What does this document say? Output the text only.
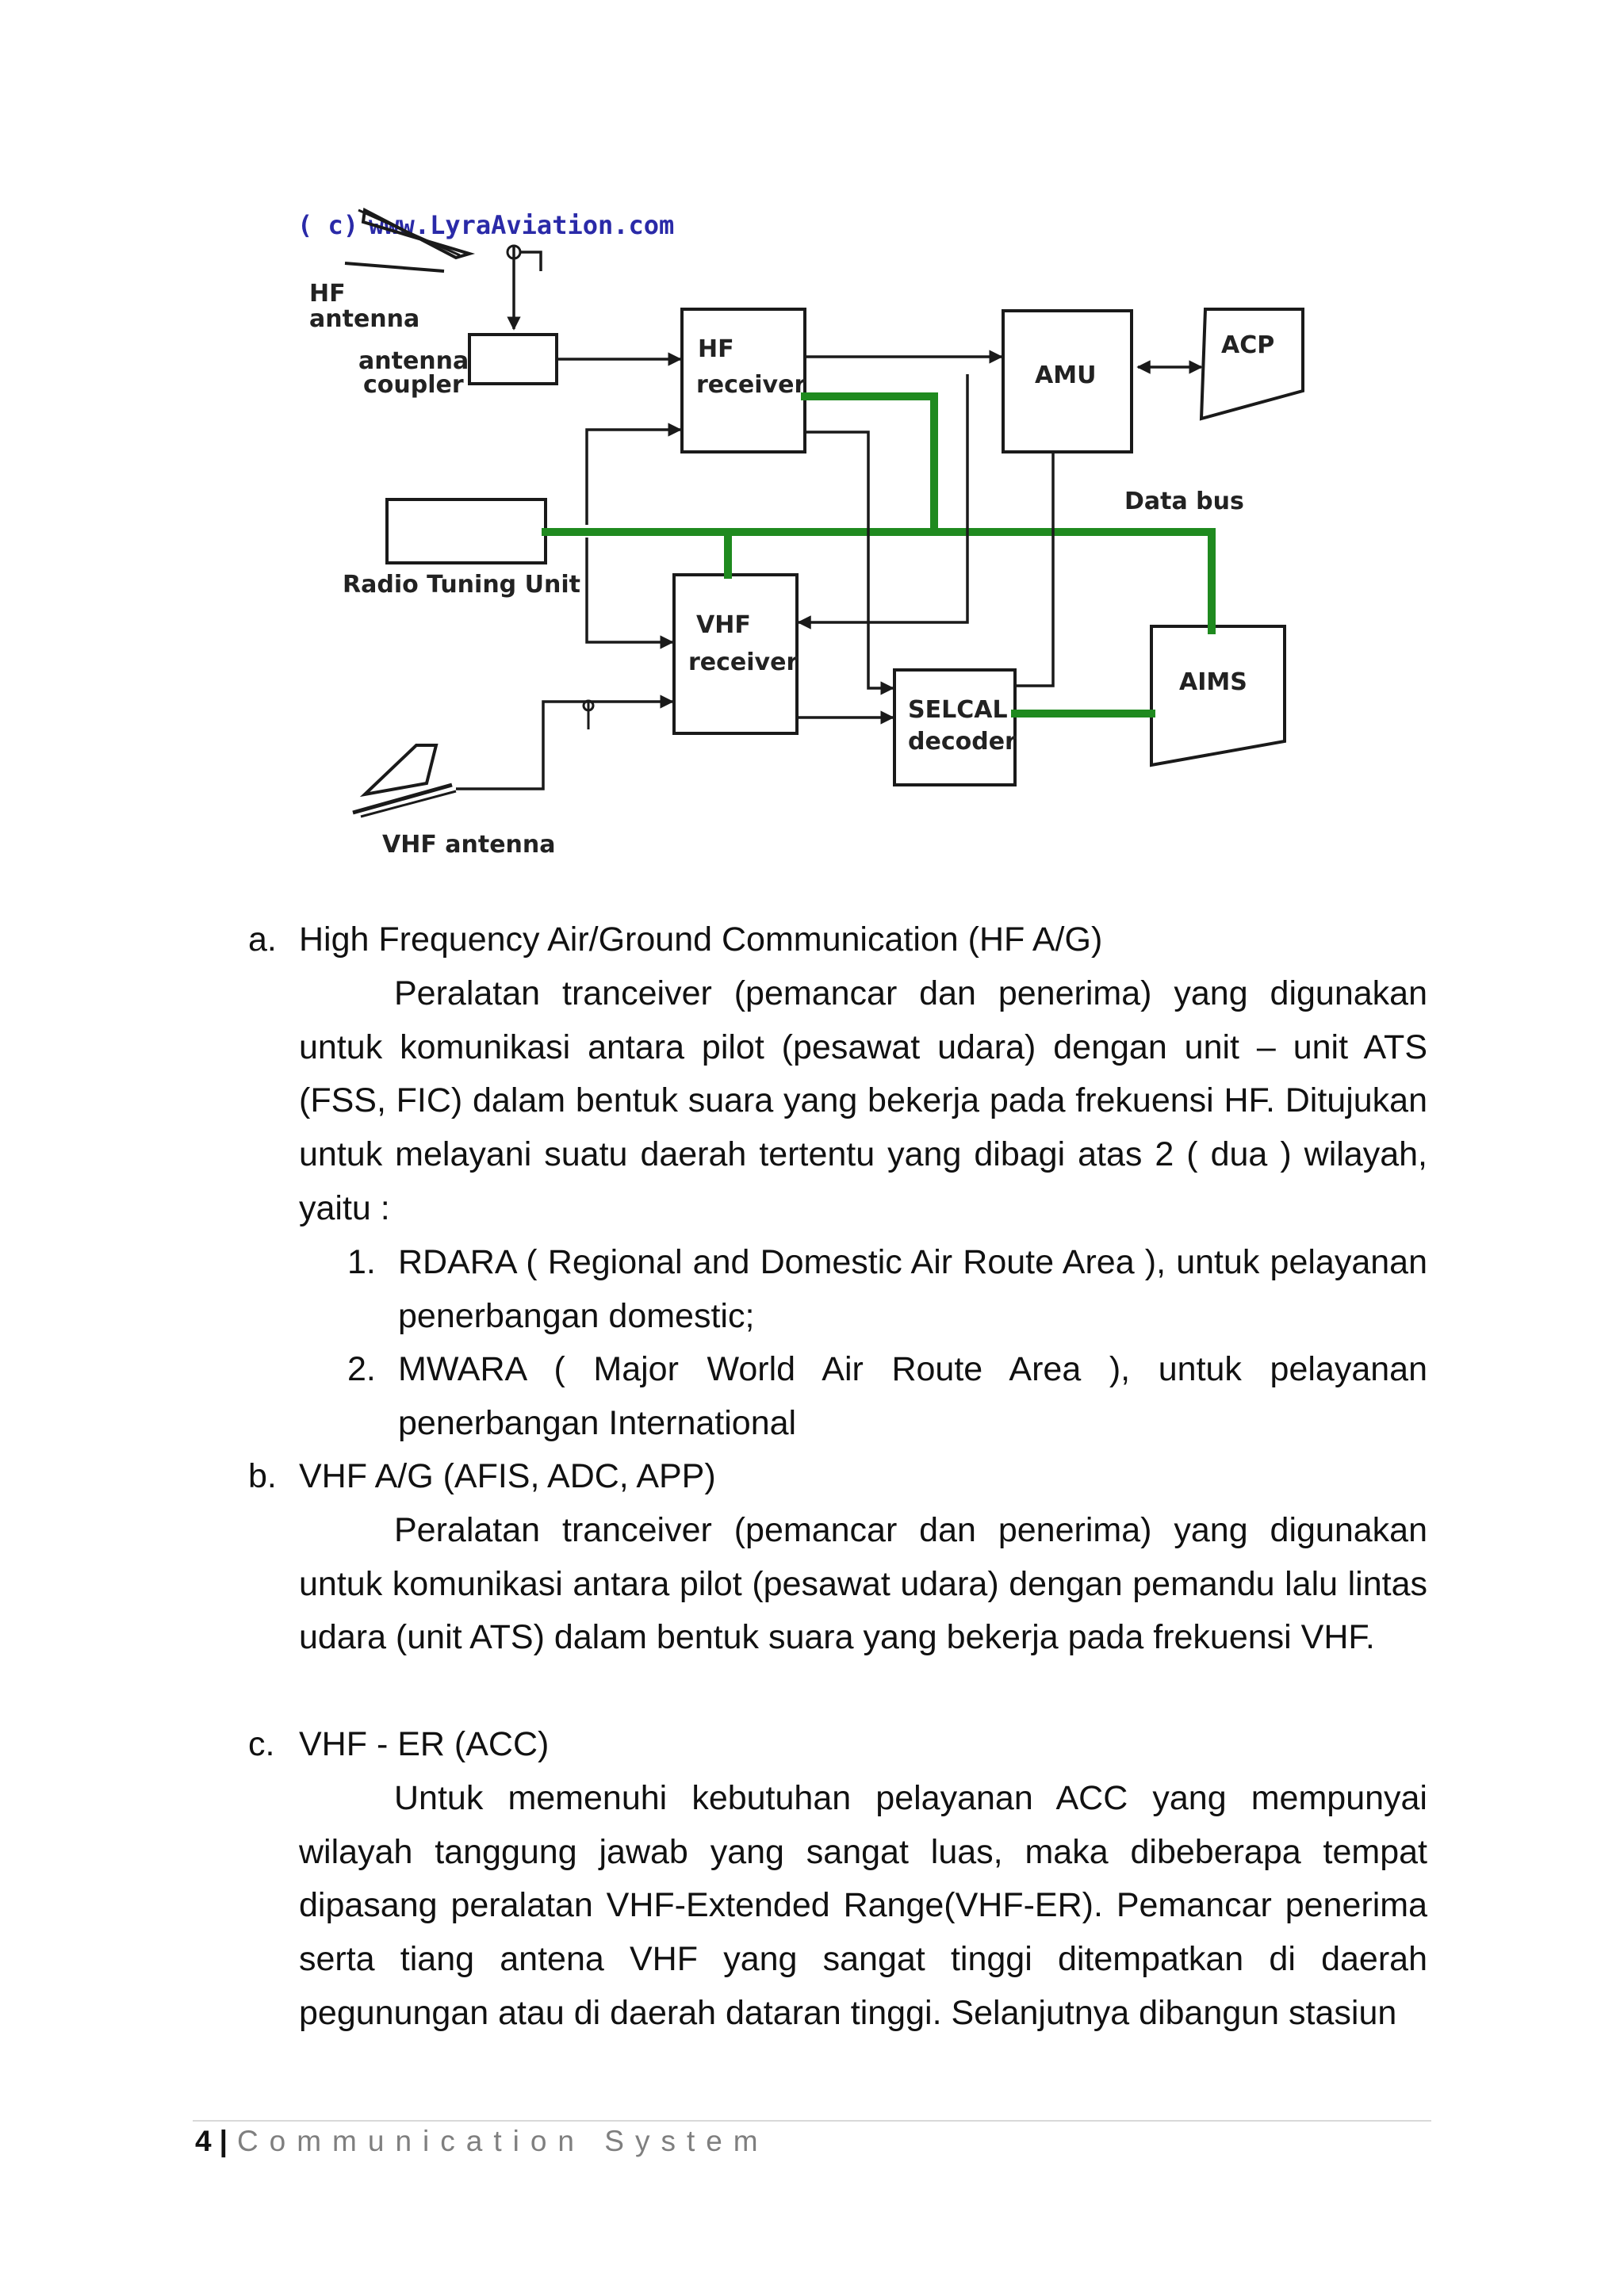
( c) www.LyraAviation.com
HF
antenna
antenna
coupler
HF
receiver	AMU
ACP
Radio Tuning Unit
VHF
receiver
SELCAL
decoder
AIMS
Data bus
VHF antenna
a. High Frequency Air/Ground Communication (HF A/G)

Peralatan tranceiver (pemancar dan penerima) yang digunakan untuk komunikasi antara pilot (pesawat udara) dengan unit – unit ATS (FSS, FIC) dalam bentuk suara yang bekerja pada frekuensi HF. Ditujukan untuk melayani suatu daerah tertentu yang dibagi atas 2 ( dua ) wilayah, yaitu :

1. RDARA ( Regional and Domestic Air Route Area ), untuk pelayanan penerbangan domestic;
2. MWARA ( Major World Air Route Area ), untuk pelayanan penerbangan International
b. VHF A/G (AFIS, ADC, APP)

Peralatan tranceiver (pemancar dan penerima) yang digunakan untuk komunikasi antara pilot (pesawat udara) dengan pemandu lalu lintas udara (unit ATS) dalam bentuk suara yang bekerja pada frekuensi VHF.

c. VHF - ER (ACC)

Untuk memenuhi kebutuhan pelayanan ACC yang mempunyai wilayah tanggung jawab yang sangat luas, maka dibeberapa tempat dipasang peralatan VHF-Extended Range(VHF-ER). Pemancar penerima serta tiang antena VHF yang sangat tinggi ditempatkan di daerah pegunungan atau di daerah dataran tinggi. Selanjutnya dibangun stasiun

4 | Communication System
